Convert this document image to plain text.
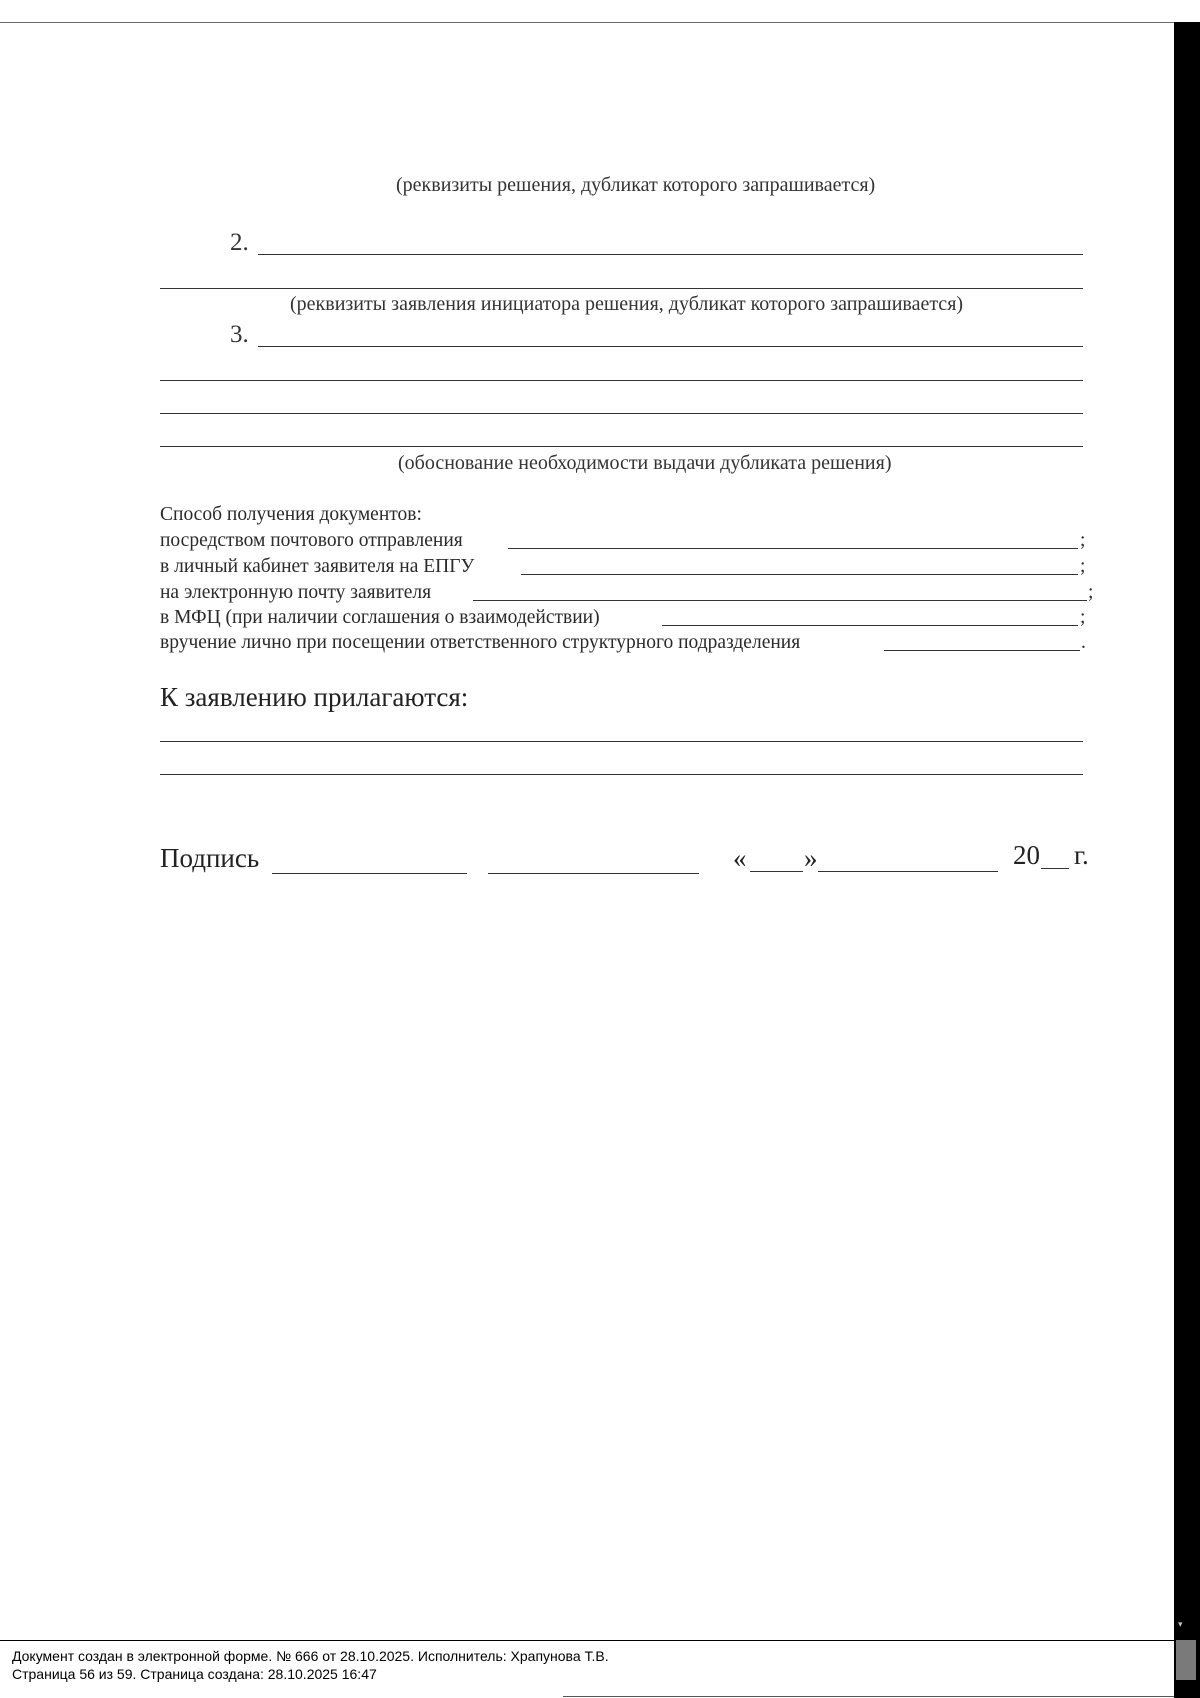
▾
(реквизиты решения, дубликат которого запрашивается)
2.
(реквизиты заявления инициатора решения, дубликат которого запрашивается)
3.
(обоснование необходимости выдачи дубликата решения)
Способ получения документов:
посредством почтового отправления	;
в личный кабинет заявителя на ЕПГУ	;
на электронную почту заявителя	;
в МФЦ (при наличии соглашения о взаимодействии)	;
вручение лично при посещении ответственного структурного подразделения	.
К заявлению прилагаются:
Подпись	« »	20 г.
Документ создан в электронной форме. № 666 от 28.10.2025. Исполнитель: Храпунова Т.В.
Страница 56 из 59. Страница создана: 28.10.2025 16:47
